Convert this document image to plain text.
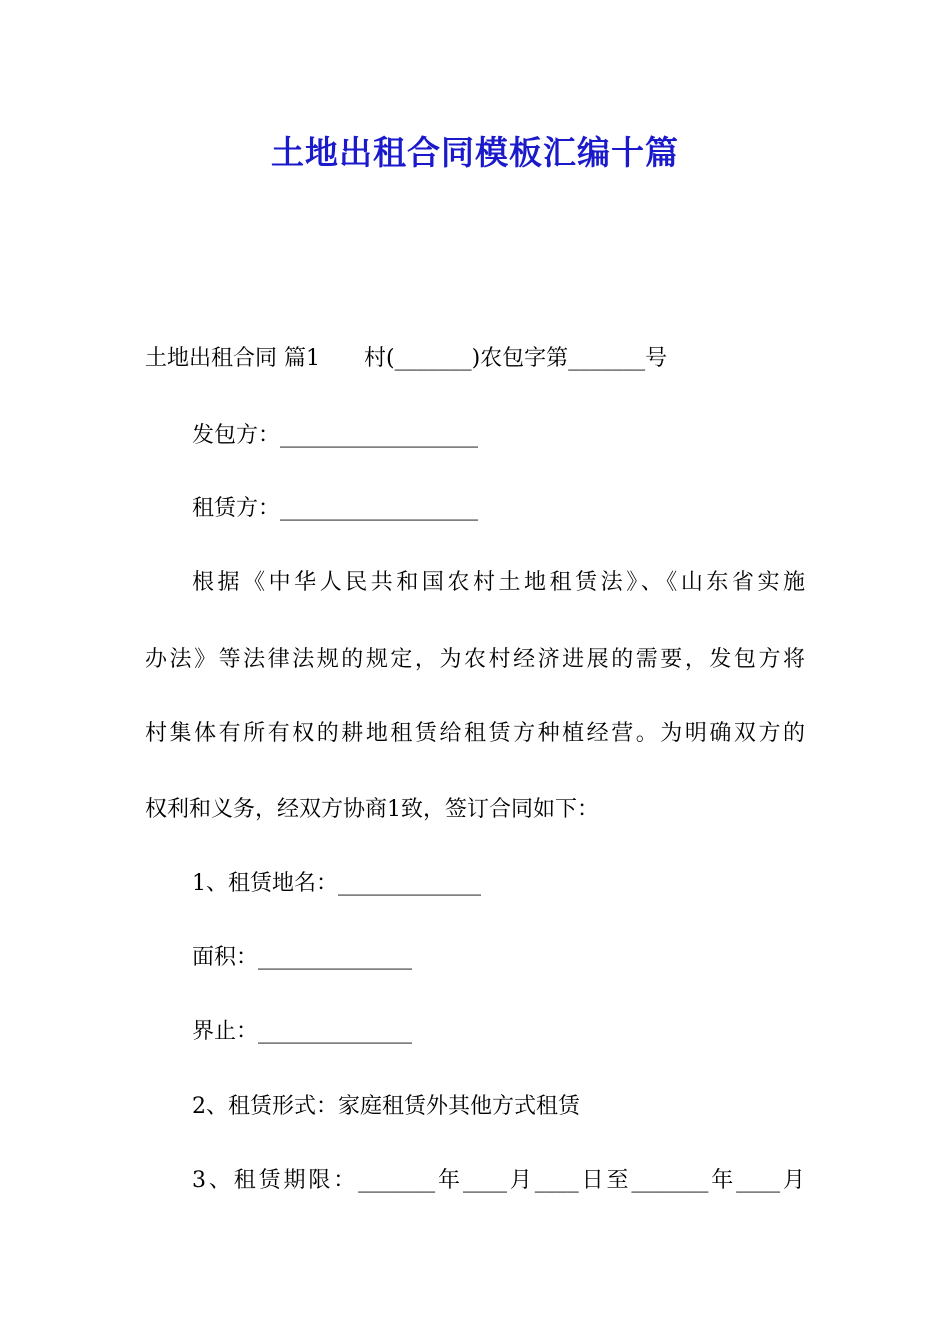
土地出租合同模板汇编十篇
土地出租合同 篇1 村(_______)农包字第_______号
发包方：__________________
租赁方：__________________
根据《中华人民共和国农村土地租赁法》、《山东省实施
办法》等法律法规的规定，为农村经济进展的需要，发包方将
村集体有所有权的耕地租赁给租赁方种植经营。为明确双方的
权利和义务，经双方协商1致，签订合同如下：
1、租赁地名：_____________
面积：______________
界止：______________
2、租赁形式：家庭租赁外其他方式租赁
3、租赁期限：_______年____月____日至_______年____月
